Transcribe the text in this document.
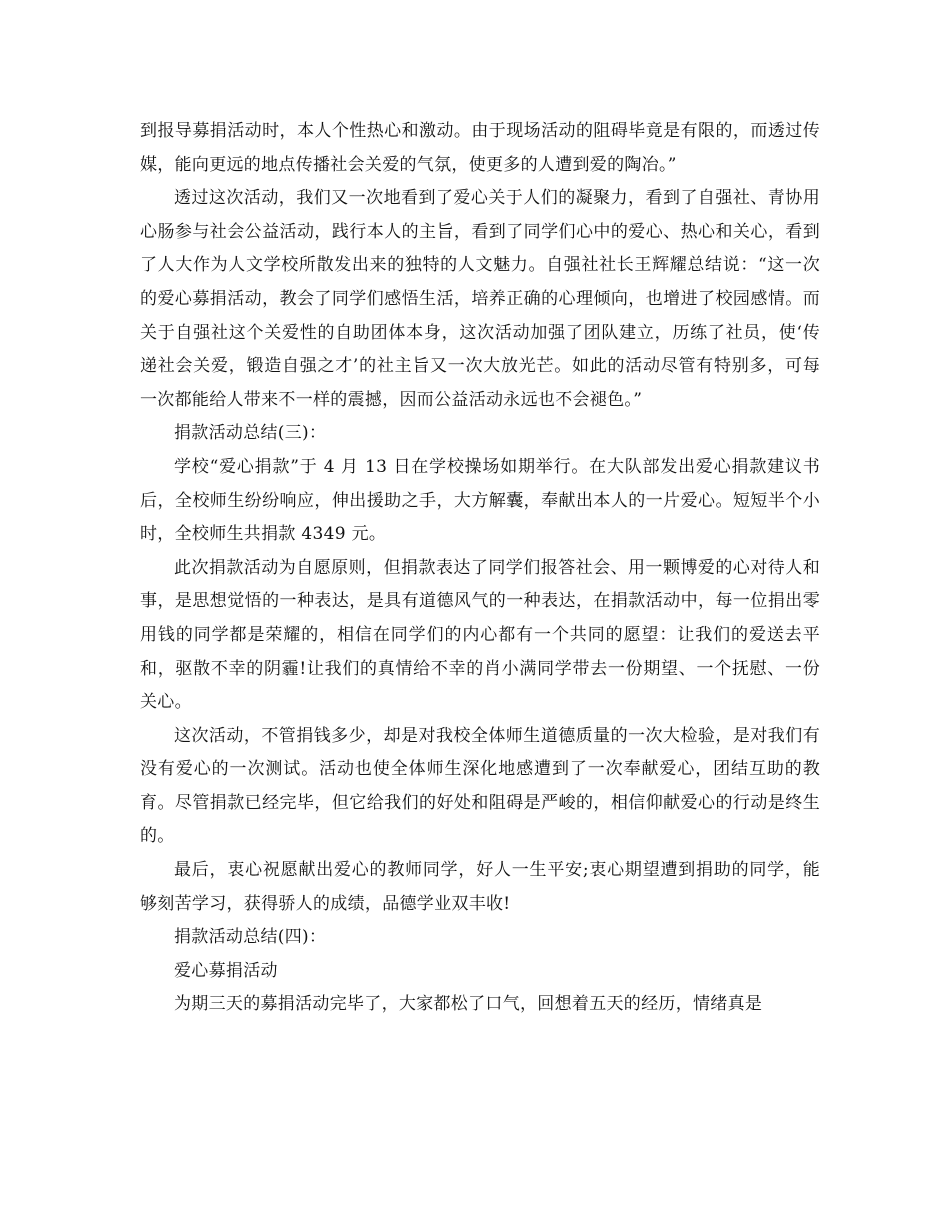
到报导募捐活动时，本人个性热心和激动。由于现场活动的阻碍毕竟是有限的，而透过传媒，能向更远的地点传播社会关爱的气氛，使更多的人遭到爱的陶冶。”

透过这次活动，我们又一次地看到了爱心关于人们的凝聚力，看到了自强社、青协用心肠参与社会公益活动，践行本人的主旨，看到了同学们心中的爱心、热心和关心，看到了人大作为人文学校所散发出来的独特的人文魅力。自强社社长王辉耀总结说：“这一次的爱心募捐活动，教会了同学们感悟生活，培养正确的心理倾向，也增进了校园感情。而关于自强社这个关爱性的自助团体本身，这次活动加强了团队建立，历练了社员，使‘传递社会关爱，锻造自强之才’的社主旨又一次大放光芒。如此的活动尽管有特别多，可每一次都能给人带来不一样的震撼，因而公益活动永远也不会褪色。”

捐款活动总结(三)：

学校“爱心捐款”于 4 月 13 日在学校操场如期举行。在大队部发出爱心捐款建议书后，全校师生纷纷响应，伸出援助之手，大方解囊，奉献出本人的一片爱心。短短半个小时，全校师生共捐款 4349 元。

此次捐款活动为自愿原则，但捐款表达了同学们报答社会、用一颗博爱的心对待人和事，是思想觉悟的一种表达，是具有道德风气的一种表达，在捐款活动中，每一位捐出零用钱的同学都是荣耀的，相信在同学们的内心都有一个共同的愿望：让我们的爱送去平和，驱散不幸的阴霾!让我们的真情给不幸的肖小满同学带去一份期望、一个抚慰、一份关心。

这次活动，不管捐钱多少，却是对我校全体师生道德质量的一次大检验，是对我们有没有爱心的一次测试。活动也使全体师生深化地感遭到了一次奉献爱心，团结互助的教育。尽管捐款已经完毕，但它给我们的好处和阻碍是严峻的，相信仰献爱心的行动是终生的。

最后，衷心祝愿献出爱心的教师同学，好人一生平安;衷心期望遭到捐助的同学，能够刻苦学习，获得骄人的成绩，品德学业双丰收!

捐款活动总结(四)：

爱心募捐活动

为期三天的募捐活动完毕了，大家都松了口气，回想着五天的经历，情绪真是
